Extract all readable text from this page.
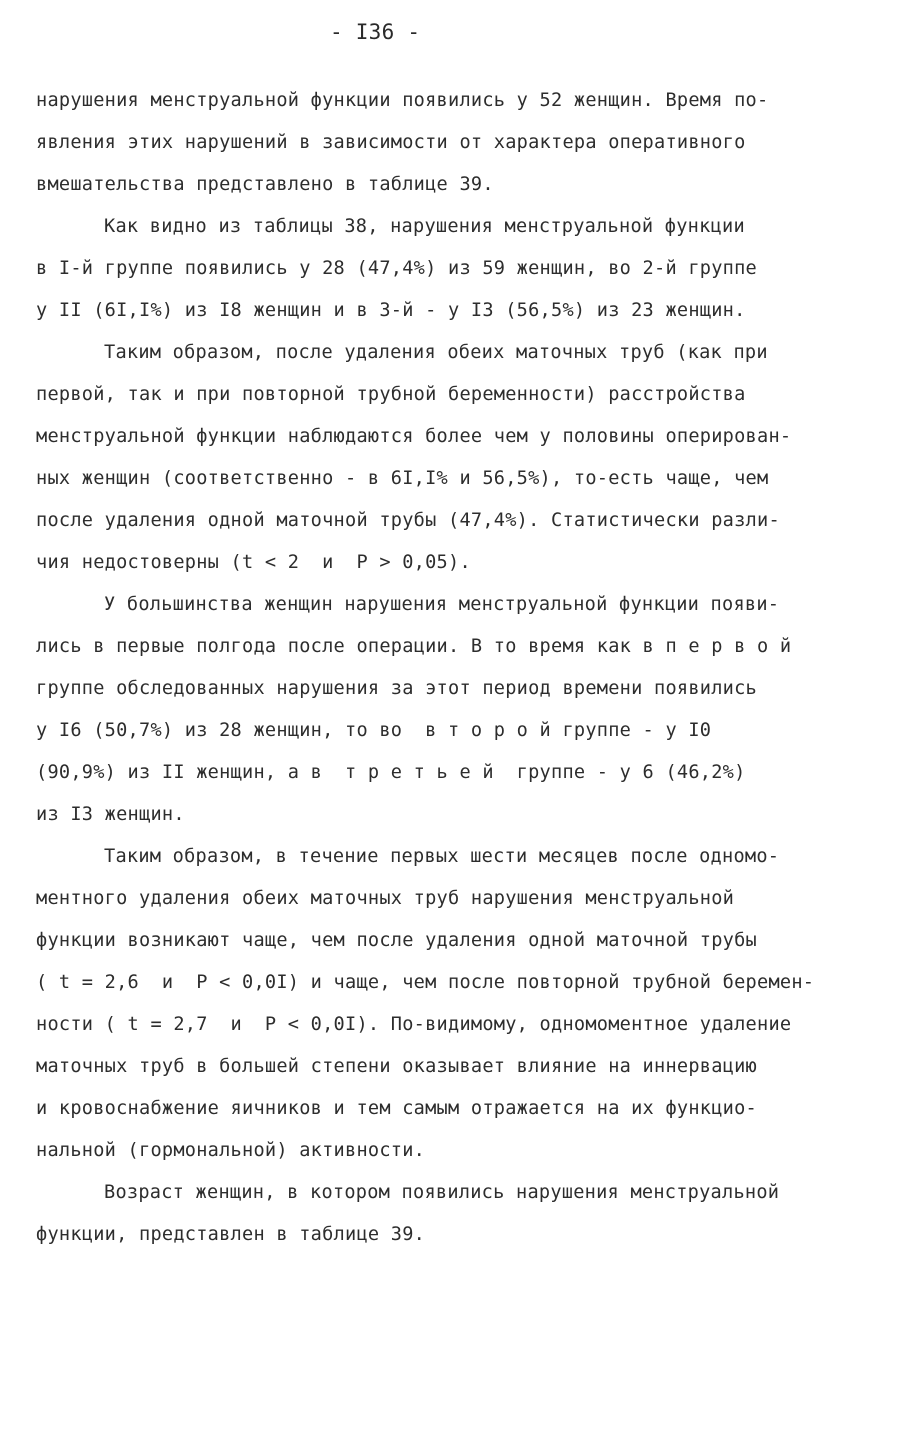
- I36 -
нарушения менструальной функции появились у 52 женщин. Время по-
явления этих нарушений в зависимости от характера оперативного
вмешательства представлено в таблице 39.
Как видно из таблицы 38, нарушения менструальной функции
в I-й группе появились у 28 (47,4%) из 59 женщин, во 2-й группе
у II (6I,I%) из I8 женщин и в 3-й - у I3 (56,5%) из 23 женщин.
Таким образом, после удаления обеих маточных труб (как при
первой, так и при повторной трубной беременности) расстройства
менструальной функции наблюдаются более чем у половины оперирован-
ных женщин (соответственно - в 6I,I% и 56,5%), то-есть чаще, чем
после удаления одной маточной трубы (47,4%). Статистически разли-
чия недостоверны (t < 2  и  P > 0,05).
У большинства женщин нарушения менструальной функции появи-
лись в первые полгода после операции. В то время как в п е р в о й
группе обследованных нарушения за этот период времени появились
у I6 (50,7%) из 28 женщин, то во  в т о р о й группе - у I0
(90,9%) из II женщин, а в  т р е т ь е й  группе - у 6 (46,2%)
из I3 женщин.
Таким образом, в течение первых шести месяцев после одномо-
ментного удаления обеих маточных труб нарушения менструальной
функции возникают чаще, чем после удаления одной маточной трубы
( t = 2,6  и  P < 0,0I) и чаще, чем после повторной трубной беремен-
ности ( t = 2,7  и  P < 0,0I). По-видимому, одномоментное удаление
маточных труб в большей степени оказывает влияние на иннервацию
и кровоснабжение яичников и тем самым отражается на их функцио-
нальной (гормональной) активности.
Возраст женщин, в котором появились нарушения менструальной
функции, представлен в таблице 39.
